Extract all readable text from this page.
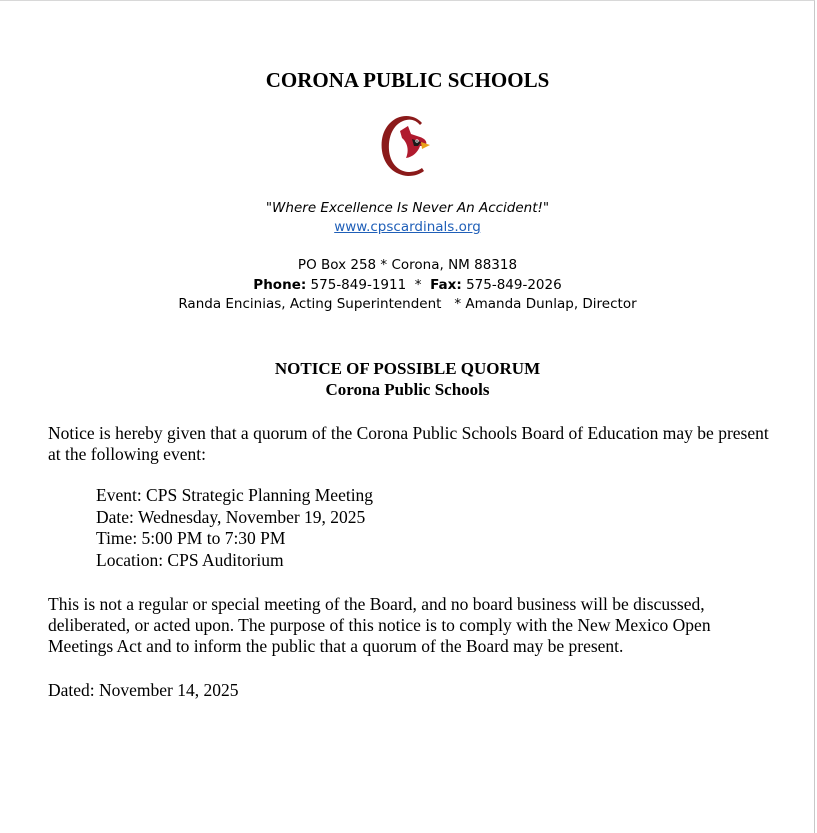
CORONA PUBLIC SCHOOLS
"Where Excellence Is Never An Accident!"
www.cpscardinals.org
PO Box 258 * Corona, NM 88318
Phone: 575-849-1911  *  Fax: 575-849-2026
Randa Encinias, Acting Superintendent   * Amanda Dunlap, Director
NOTICE OF POSSIBLE QUORUM
Corona Public Schools
Notice is hereby given that a quorum of the Corona Public Schools Board of Education may be present at the following event:
Event: CPS Strategic Planning Meeting
Date: Wednesday, November 19, 2025
Time: 5:00 PM to 7:30 PM
Location: CPS Auditorium
This is not a regular or special meeting of the Board, and no board business will be discussed, deliberated, or acted upon. The purpose of this notice is to comply with the New Mexico Open Meetings Act and to inform the public that a quorum of the Board may be present.
Dated: November 14, 2025
